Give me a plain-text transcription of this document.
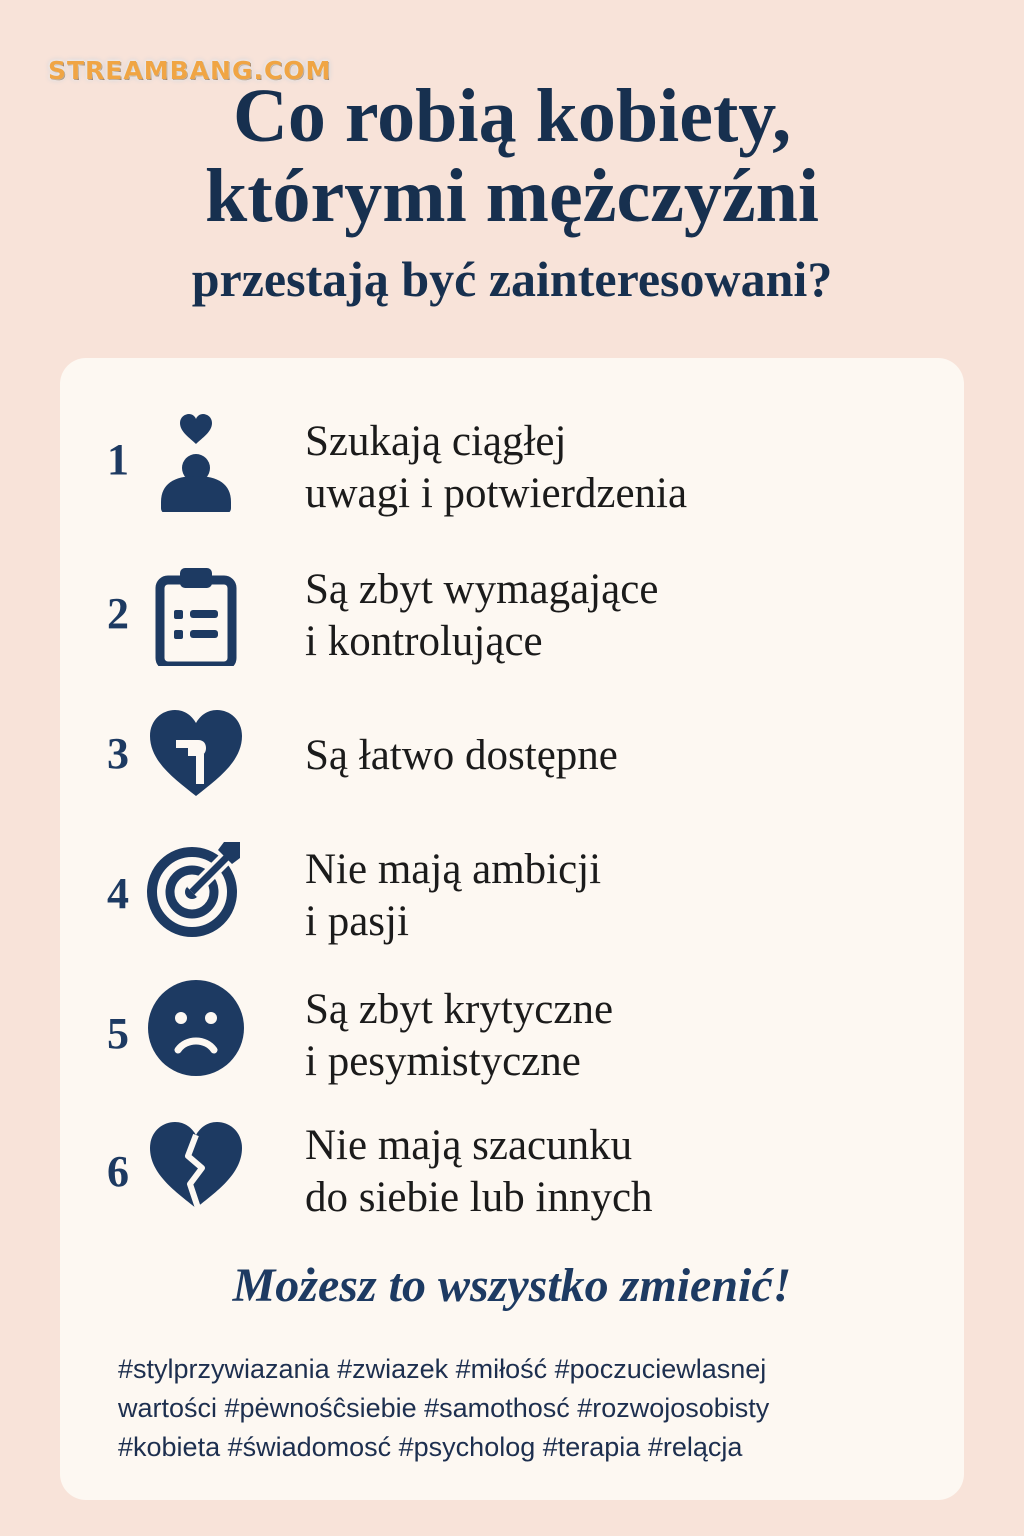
STREAMBANG.COM
Co robią kobiety,
którymi mężczyźni
przestają być zainteresowani?
1	Szukają ciągłej
uwagi i potwierdzenia
2	Są zbyt wymagające
i kontrolujące
3	Są łatwo dostępne
4	Nie mają ambicji
i pasji
5	Są zbyt krytyczne
i pesymistyczne
6
Nie mają szacunku
do siebie lub innych
Możesz to wszystko zmienić!
#stylprzywiazania #zwiazek #miłość #poczuciewlasnej
wartości #pėwnośĉsiebie #samothosć #rozwojosobisty
#kobieta #świadomosć #psycholog #terapia #relącja
